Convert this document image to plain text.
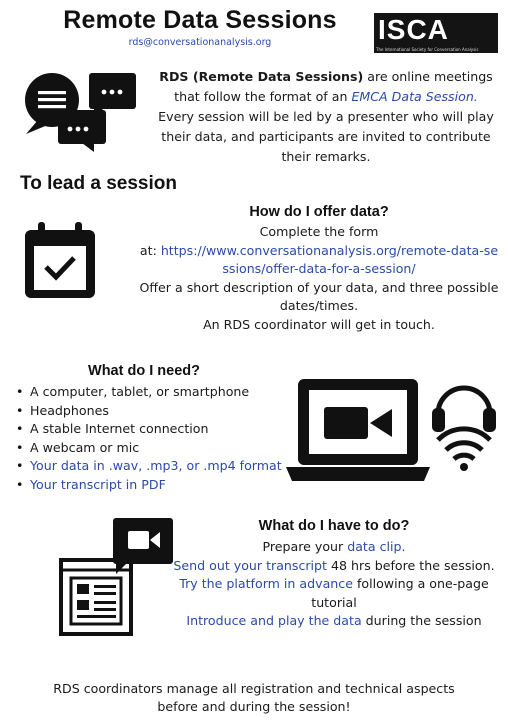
Remote Data Sessions
rds@conversationanalysis.org	ISCA
The International Society for Conversation Analysis
RDS (Remote Data Sessions) are online meetings that follow the format of an EMCA Data Session. Every session will be led by a presenter who will play their data, and participants are invited to contribute their remarks.
To lead a session
How do I offer data?
Complete the form
at: https://www.conversationanalysis.org/remote-data-sessions/offer-data-for-a-session/
Offer a short description of your data, and three possible dates/times.
An RDS coordinator will get in touch.
What do I need?
• A computer, tablet, or smartphone
• Headphones
• A stable Internet connection
• A webcam or mic
• Your data in .wav, .mp3, or .mp4 format
• Your transcript in PDF
What do I have to do?
Prepare your data clip.
Send out your transcript 48 hrs before the session.
Try the platform in advance following a one-page tutorial
Introduce and play the data during the session
RDS coordinators manage all registration and technical aspects before and during the session!
